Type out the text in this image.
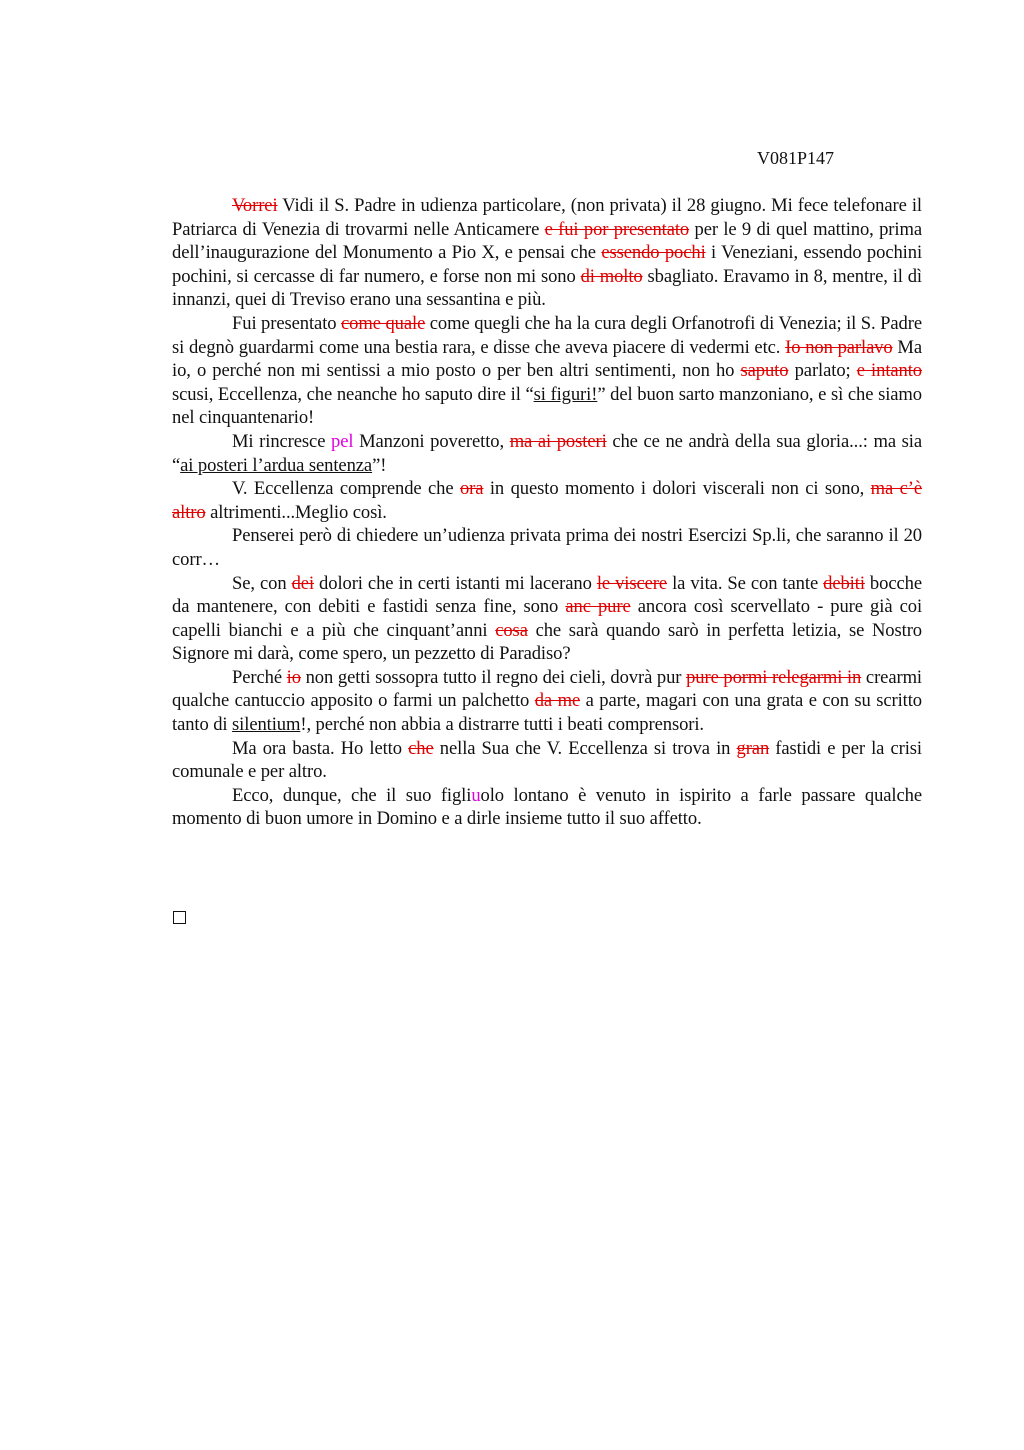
V081P147

Vorrei Vidi il S. Padre in udienza particolare, (non privata) il 28 giugno. Mi fece telefonare il Patriarca di Venezia di trovarmi nelle Anticamere e fui por presentato per le 9 di quel mattino, prima dell’inaugurazione del Monumento a Pio X, e pensai che essendo pochi i Veneziani, essendo pochini pochini, si cercasse di far numero, e forse non mi sono di molto sbagliato. Eravamo in 8, mentre, il dì innanzi, quei di Treviso erano una sessantina e più.

Fui presentato come quale come quegli che ha la cura degli Orfanotrofi di Venezia; il S. Padre si degnò guardarmi come una bestia rara, e disse che aveva piacere di vedermi etc. Io non parlavo Ma io, o perché non mi sentissi a mio posto o per ben altri sentimenti, non ho saputo parlato; e intanto scusi, Eccellenza, che neanche ho saputo dire il “si figuri!” del buon sarto manzoniano, e sì che siamo nel cinquantenario!

Mi rincresce pel Manzoni poveretto, ma ai posteri che ce ne andrà della sua gloria...: ma sia “ai posteri l’ardua sentenza”!

V. Eccellenza comprende che ora in questo momento i dolori viscerali non ci sono, ma c’è altro altrimenti...Meglio così.

Penserei però di chiedere un’udienza privata prima dei nostri Esercizi Sp.li, che saranno il 20 corr…

Se, con dei dolori che in certi istanti mi lacerano le viscere la vita. Se con tante debiti bocche da mantenere, con debiti e fastidi senza fine, sono anc pure ancora così scervellato - pure già coi capelli bianchi e a più che cinquant’anni cosa che sarà quando sarò in perfetta letizia, se Nostro Signore mi darà, come spero, un pezzetto di Paradiso?

Perché io non getti sossopra tutto il regno dei cieli, dovrà pur pure pormi relegarmi in crearmi qualche cantuccio apposito o farmi un palchetto da me a parte, magari con una grata e con su scritto tanto di silentium!, perché non abbia a distrarre tutti i beati comprensori.

Ma ora basta. Ho letto che nella Sua che V. Eccellenza si trova in gran fastidi e per la crisi comunale e per altro.

Ecco, dunque, che il suo figliuolo lontano è venuto in ispirito a farle passare qualche momento di buon umore in Domino e a dirle insieme tutto il suo affetto.
